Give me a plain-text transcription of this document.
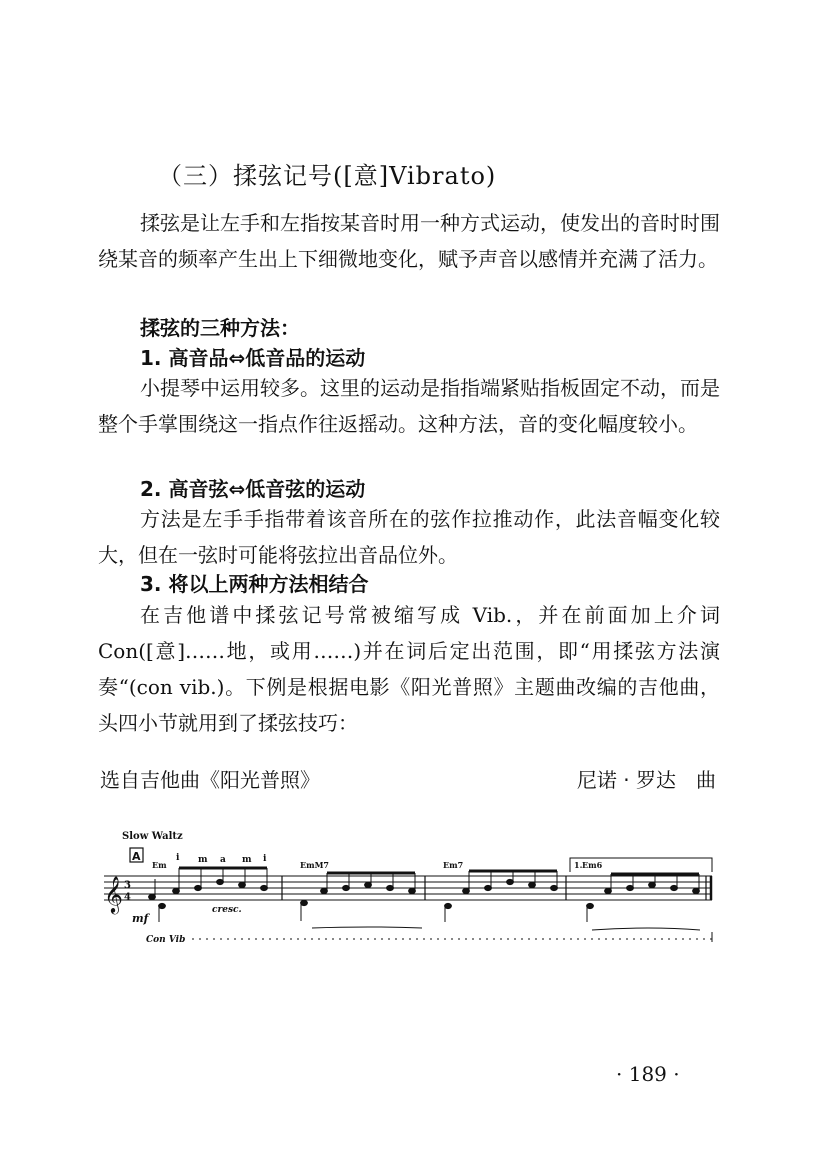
（三）揉弦记号([意]Vibrato)
揉弦是让左手和左指按某音时用一种方式运动，使发出的音时时围绕某音的频率产生出上下细微地变化，赋予声音以感情并充满了活力。
揉弦的三种方法：
1. 高音品⇔低音品的运动
小提琴中运用较多。这里的运动是指指端紧贴指板固定不动，而是整个手掌围绕这一指点作往返摇动。这种方法，音的变化幅度较小。
2. 高音弦⇔低音弦的运动
方法是左手手指带着该音所在的弦作拉推动作，此法音幅变化较大，但在一弦时可能将弦拉出音品位外。
3. 将以上两种方法相结合
在吉他谱中揉弦记号常被缩写成 Vib.，并在前面加上介词 Con([意]……地，或用……)并在词后定出范围，即“用揉弦方法演奏“(con vib.)。下例是根据电影《阳光普照》主题曲改编的吉他曲，头四小节就用到了揉弦技巧：
选自吉他曲《阳光普照》	尼诺 · 罗达　曲
Slow Waltz
A
Em	EmM7	Em7	1. Em6
i m a m i
𝄞 3
4
mf
cresc.
Con Vib
· 189 ·
